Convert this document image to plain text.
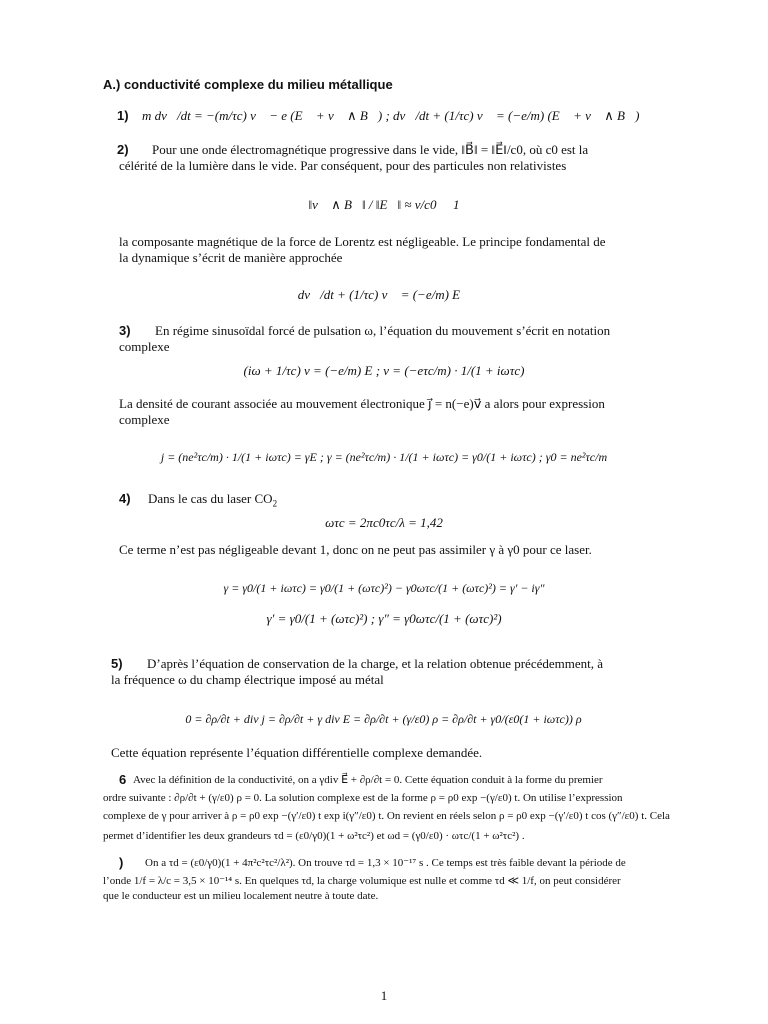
A.) conductivité complexe du milieu métallique
1) m dv⃗/dt = −(m/τc) v⃗ − e (E⃗ + v⃗ ∧ B⃗) ; dv⃗/dt + (1/τc) v⃗ = (−e/m) (E⃗ + v⃗ ∧ B⃗)
2) Pour une onde électromagnétique progressive dans le vide, ‖B⃗‖ = ‖E⃗‖/c0, où c0 est la
célérité de la lumière dans le vide. Par conséquent, pour des particules non relativistes
‖v⃗ ∧ B⃗‖ / ‖E⃗‖ ≈ v/c0 ≪ 1
la composante magnétique de la force de Lorentz est négligeable. Le principe fondamental de
la dynamique s’écrit de manière approchée
dv⃗/dt + (1/τc) v⃗ = (−e/m) E⃗
3) En régime sinusoïdal forcé de pulsation ω, l’équation du mouvement s’écrit en notation
complexe
(iω + 1/τc) v = (−e/m) E ; v = (−eτc/m) · 1/(1 + iωτc)
La densité de courant associée au mouvement électronique j⃗ = n(−e)v⃗ a alors pour expression
complexe
j = (ne²τc/m) · 1/(1 + iωτc) = γE ; γ = (ne²τc/m) · 1/(1 + iωτc) = γ0/(1 + iωτc) ; γ0 = ne²τc/m
4) Dans le cas du laser $CO_2$
ωτc = 2πc0τc/λ = 1,42
Ce terme n’est pas négligeable devant 1, donc on ne peut pas assimiler γ à γ0 pour ce laser.
γ = γ0/(1 + iωτc) = γ0/(1 + (ωτc)²) − γ0ωτc/(1 + (ωτc)²) = γ′ − iγ″
γ′ = γ0/(1 + (ωτc)²) ; γ″ = γ0ωτc/(1 + (ωτc)²)
5) D’après l’équation de conservation de la charge, et la relation obtenue précédemment, à
la fréquence ω du champ électrique imposé au métal
0 = ∂ρ/∂t + div j = ∂ρ/∂t + γ div E = ∂ρ/∂t + (γ/ε0) ρ = ∂ρ/∂t + γ0/(ε0(1 + iωτc)) ρ
Cette équation représente l’équation différentielle complexe demandée.
6 Avec la définition de la conductivité, on a γdiv E⃗ + ∂ρ/∂t = 0. Cette équation conduit à la forme du premier
ordre suivante : ∂ρ/∂t + (γ/ε0) ρ = 0. La solution complexe est de la forme ρ = ρ0 exp −(γ/ε0) t. On utilise l’expression
complexe de γ pour arriver à ρ = ρ0 exp −(γ′/ε0) t exp i(γ″/ε0) t. On revient en réels selon ρ = ρ0 exp −(γ′/ε0) t cos (γ″/ε0) t. Cela
permet d’identifier les deux grandeurs τd = (ε0/γ0)(1 + ω²τc²) et ωd = (γ0/ε0) · ωτc/(1 + ω²τc²) .
) On a τd = (ε0/γ0)(1 + 4π²c²τc²/λ²). On trouve τd = 1,3 × 10⁻¹⁷ s . Ce temps est très faible devant la période de
l’onde 1/f = λ/c = 3,5 × 10⁻¹⁴ s. En quelques τd, la charge volumique est nulle et comme τd ≪ 1/f, on peut considérer
que le conducteur est un milieu localement neutre à toute date.
1
